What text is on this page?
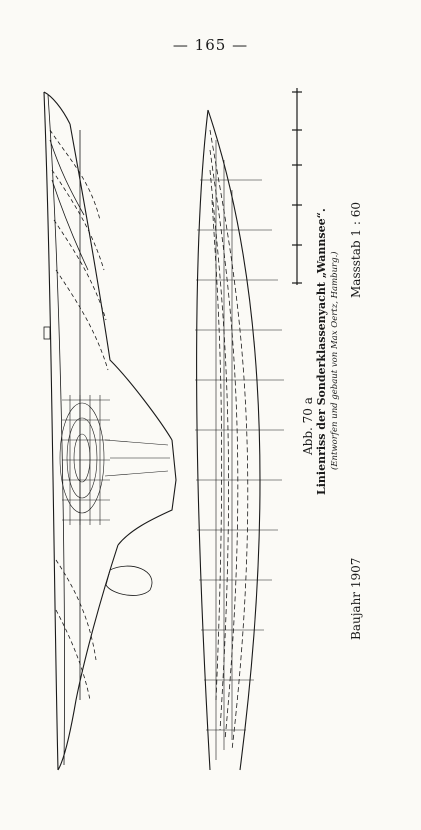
— 165 —
Abb. 70 a Linienriss der Sonderklassenyacht „Wannsee“. (Entworfen und gebaut von Max Oertz, Hamburg.)
Baujahr 1907
Massstab 1 : 60
